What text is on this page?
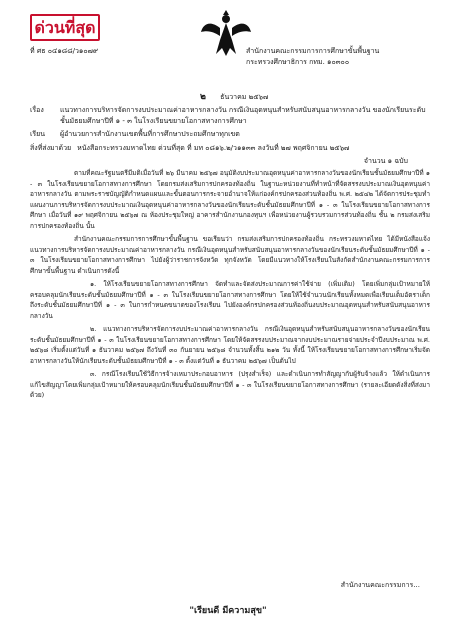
ด่วนที่สุด
ที่ ศธ ๐๔๑๘๘/ว๑๐๗๙	สำนักงานคณะกรรมการการศึกษาขั้นพื้นฐาน
กระทรวงศึกษาธิการ กทม. ๑๐๓๐๐
๒ ธันวาคม ๒๕๖๗
เรื่อง	แนวทางการบริหารจัดการงบประมาณค่าอาหารกลางวัน กรณีเงินอุดหนุนสำหรับสนับสนุนอาหารกลางวัน ของนักเรียนระดับชั้นมัธยมศึกษาปีที่ ๑ - ๓ ในโรงเรียนขยายโอกาสทางการศึกษา
เรียน	ผู้อำนวยการสำนักงานเขตพื้นที่การศึกษาประถมศึกษาทุกเขต
สิ่งที่ส่งมาด้วย หนังสือกระทรวงมหาดไทย ด่วนที่สุด ที่ มท ๐๘๑๖.๒/ว๑๑๓๓ ลงวันที่ ๒๗ พฤศจิกายน ๒๕๖๗
จำนวน ๑ ฉบับ

ตามที่คณะรัฐมนตรีมีมติเมื่อวันที่ ๒๖ มีนาคม ๒๕๖๗ อนุมัติงบประมาณอุดหนุนค่าอาหารกลางวันของนักเรียนชั้นมัธยมศึกษาปีที่ ๑ - ๓ ในโรงเรียนขยายโอกาสทางการศึกษา โดยกรมส่งเสริมการปกครองท้องถิ่น ในฐานะหน่วยงานที่ทำหน้าที่จัดสรรงบประมาณเงินอุดหนุนค่าอาหารกลางวัน ตามพระราชบัญญัติกำหนดแผนและขั้นตอนการกระจายอำนาจให้แก่องค์กรปกครองส่วนท้องถิ่น พ.ศ. ๒๕๔๒ ได้จัดการประชุมทำแผนงานการบริหารจัดการงบประมาณเงินอุดหนุนค่าอาหารกลางวันของนักเรียนระดับชั้นมัธยมศึกษาปีที่ ๑ - ๓ ในโรงเรียนขยายโอกาสทางการศึกษา เมื่อวันที่ ๑๙ พฤศจิกายน ๒๕๖๗ ณ ห้องประชุมใหญ่ อาคารสำนักงานกองทุนฯ เพื่อหน่วยงานผู้รวบรวมการส่วนท้องถิ่น ชั้น ๒ กรมส่งเสริมการปกครองท้องถิ่น นั้น

สำนักงานคณะกรรมการการศึกษาขั้นพื้นฐาน ขอเรียนว่า กรมส่งเสริมการปกครองท้องถิ่น กระทรวงมหาดไทย ได้มีหนังสือแจ้งแนวทางการบริหารจัดการงบประมาณค่าอาหารกลางวัน กรณีเงินอุดหนุนสำหรับสนับสนุนอาหารกลางวันของนักเรียนระดับชั้นมัธยมศึกษาปีที่ ๑ - ๓ ในโรงเรียนขยายโอกาสทางการศึกษา ไปยังผู้ว่าราชการจังหวัด ทุกจังหวัด โดยมีแนวทางให้โรงเรียนในสังกัดสำนักงานคณะกรรมการการศึกษาขั้นพื้นฐาน ดำเนินการดังนี้

๑. ให้โรงเรียนขยายโอกาสทางการศึกษา จัดทำและจัดส่งประมาณการค่าใช้จ่าย (เพิ่มเติม) โดยเพิ่มกลุ่มเป้าหมายให้ครอบคลุมนักเรียนระดับชั้นมัธยมศึกษาปีที่ ๑ - ๓ ในโรงเรียนขยายโอกาสทางการศึกษา โดยให้ใช้จำนวนนักเรียนทั้งหมดเพื่อเรียนเต็มอัตราเด็ก ถึงระดับชั้นมัธยมศึกษาปีที่ ๑ - ๓ ในการกำหนดขนาดของโรงเรียน ไปยังองค์กรปกครองส่วนท้องถิ่นงบประมาณอุดหนุนสำหรับสนับสนุนอาหารกลางวัน

๒. แนวทางการบริหารจัดการงบประมาณค่าอาหารกลางวัน กรณีเงินอุดหนุนสำหรับสนับสนุนอาหารกลางวันของนักเรียนระดับชั้นมัธยมศึกษาปีที่ ๑ - ๓ ในโรงเรียนขยายโอกาสทางการศึกษา โดยให้จัดสรรงบประมาณจากงบประมาณรายจ่ายประจำปีงบประมาณ พ.ศ. ๒๕๖๘ เริ่มตั้งแต่วันที่ ๑ ธันวาคม ๒๕๖๗ ถึงวันที่ ๓๐ กันยายน ๒๕๖๘ จำนวนทั้งสิ้น ๒๑๒ วัน ทั้งนี้ ให้โรงเรียนขยายโอกาสทางการศึกษาเริ่มจัดอาหารกลางวันให้นักเรียนระดับชั้นมัธยมศึกษาปีที่ ๑ - ๓ ตั้งแต่วันที่ ๑ ธันวาคม ๒๕๖๗ เป็นต้นไป

๓. กรณีโรงเรียนใช้วิธีการจ้างเหมาประกอบอาหาร (ปรุงสำเร็จ) และดำเนินการทำสัญญากับผู้รับจ้างแล้ว ให้ดำเนินการแก้ไขสัญญาโดยเพิ่มกลุ่มเป้าหมายให้ครอบคลุมนักเรียนชั้นมัธยมศึกษาปีที่ ๑ - ๓ ในโรงเรียนขยายโอกาสทางการศึกษา (รายละเอียดดังสิ่งที่ส่งมาด้วย)

สำนักงานคณะกรรมการ...
"เรียนดี มีความสุข"
